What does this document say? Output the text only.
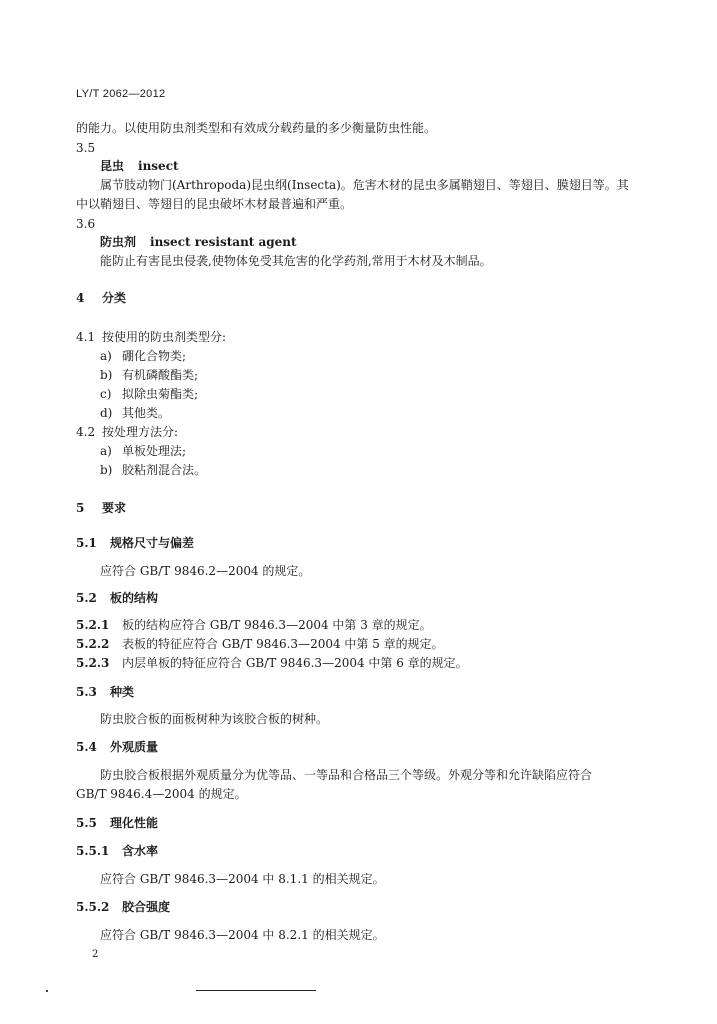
LY/T 2062—2012
的能力。以使用防虫剂类型和有效成分载药量的多少衡量防虫性能。
3.5
昆虫 insect
属节肢动物门(Arthropoda)昆虫纲(Insecta)。危害木材的昆虫多属鞘翅目、等翅目、膜翅目等。其
中以鞘翅目、等翅目的昆虫破坏木材最普遍和严重。
3.6
防虫剂 insect resistant agent
能防止有害昆虫侵袭,使物体免受其危害的化学药剂,常用于木材及木制品。
4 分类
4.1 按使用的防虫剂类型分:
a) 硼化合物类;
b) 有机磷酸酯类;
c) 拟除虫菊酯类;
d) 其他类。
4.2 按处理方法分:
a) 单板处理法;
b) 胶粘剂混合法。
5 要求
5.1 规格尺寸与偏差
应符合 GB/T 9846.2—2004 的规定。
5.2 板的结构
5.2.1 板的结构应符合 GB/T 9846.3—2004 中第 3 章的规定。
5.2.2 表板的特征应符合 GB/T 9846.3—2004 中第 5 章的规定。
5.2.3 内层单板的特征应符合 GB/T 9846.3—2004 中第 6 章的规定。
5.3 种类
防虫胶合板的面板树种为该胶合板的树种。
5.4 外观质量
防虫胶合板根据外观质量分为优等品、一等品和合格品三个等级。外观分等和允许缺陷应符合
GB/T 9846.4—2004 的规定。
5.5 理化性能
5.5.1 含水率
应符合 GB/T 9846.3—2004 中 8.1.1 的相关规定。
5.5.2 胶合强度
应符合 GB/T 9846.3—2004 中 8.2.1 的相关规定。
2
